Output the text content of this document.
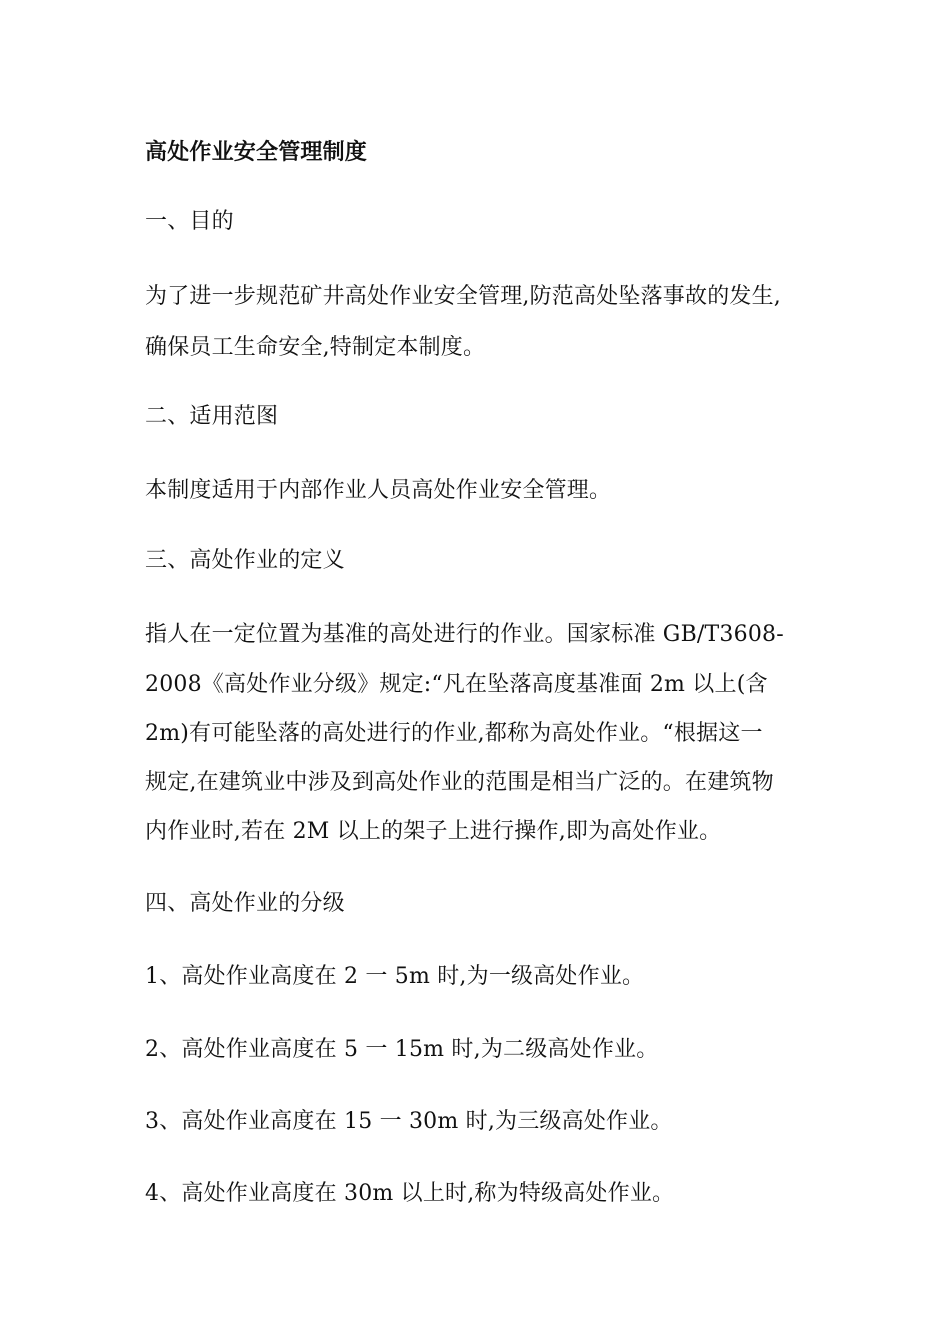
高处作业安全管理制度
一、目的
为了进一步规范矿井高处作业安全管理,防范高处坠落事故的发生,
确保员工生命安全,特制定本制度。
二、适用范图
本制度适用于内部作业人员高处作业安全管理。
三、高处作业的定义
指人在一定位置为基准的高处进行的作业。国家标准 GB/T3608-
2008《高处作业分级》规定:“凡在坠落高度基准面 2m 以上(含
2m)有可能坠落的高处进行的作业,都称为高处作业。“根据这一
规定,在建筑业中涉及到高处作业的范围是相当广泛的。在建筑物
内作业时,若在 2M 以上的架子上进行操作,即为高处作业。
四、高处作业的分级
1、高处作业高度在 2 一 5m 时,为一级高处作业。
2、高处作业高度在 5 一 15m 时,为二级高处作业。
3、高处作业高度在 15 一 30m 时,为三级高处作业。
4、高处作业高度在 30m 以上时,称为特级高处作业。
